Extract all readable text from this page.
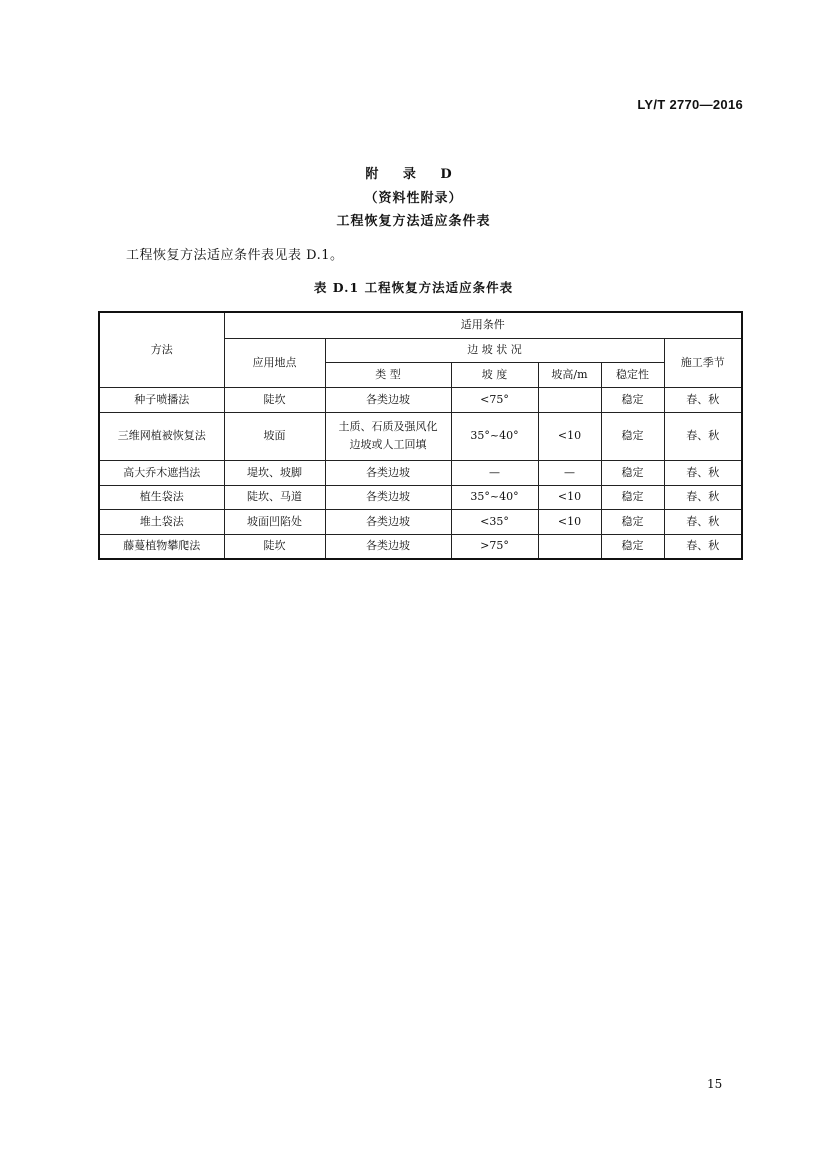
LY/T 2770—2016
附 录 D
（资料性附录）
工程恢复方法适应条件表
工程恢复方法适应条件表见表 D.1。
表 D.1 工程恢复方法适应条件表
方法	适用条件					
	应用地点	边 坡 状 况				施工季节
		类 型	坡 度	坡高/m	稳定性	
种子喷播法	陡坎	各类边坡	<75°		稳定	春、秋
三维网植被恢复法	坡面	土质、石质及强风化边坡或人工回填	35°~40°	<10	稳定	春、秋
高大乔木遮挡法	堤坎、坡脚	各类边坡	—	—	稳定	春、秋
植生袋法	陡坎、马道	各类边坡	35°~40°	<10	稳定	春、秋
堆土袋法	坡面凹陷处	各类边坡	<35°	<10	稳定	春、秋
藤蔓植物攀爬法	陡坎	各类边坡	>75°		稳定	春、秋
15
